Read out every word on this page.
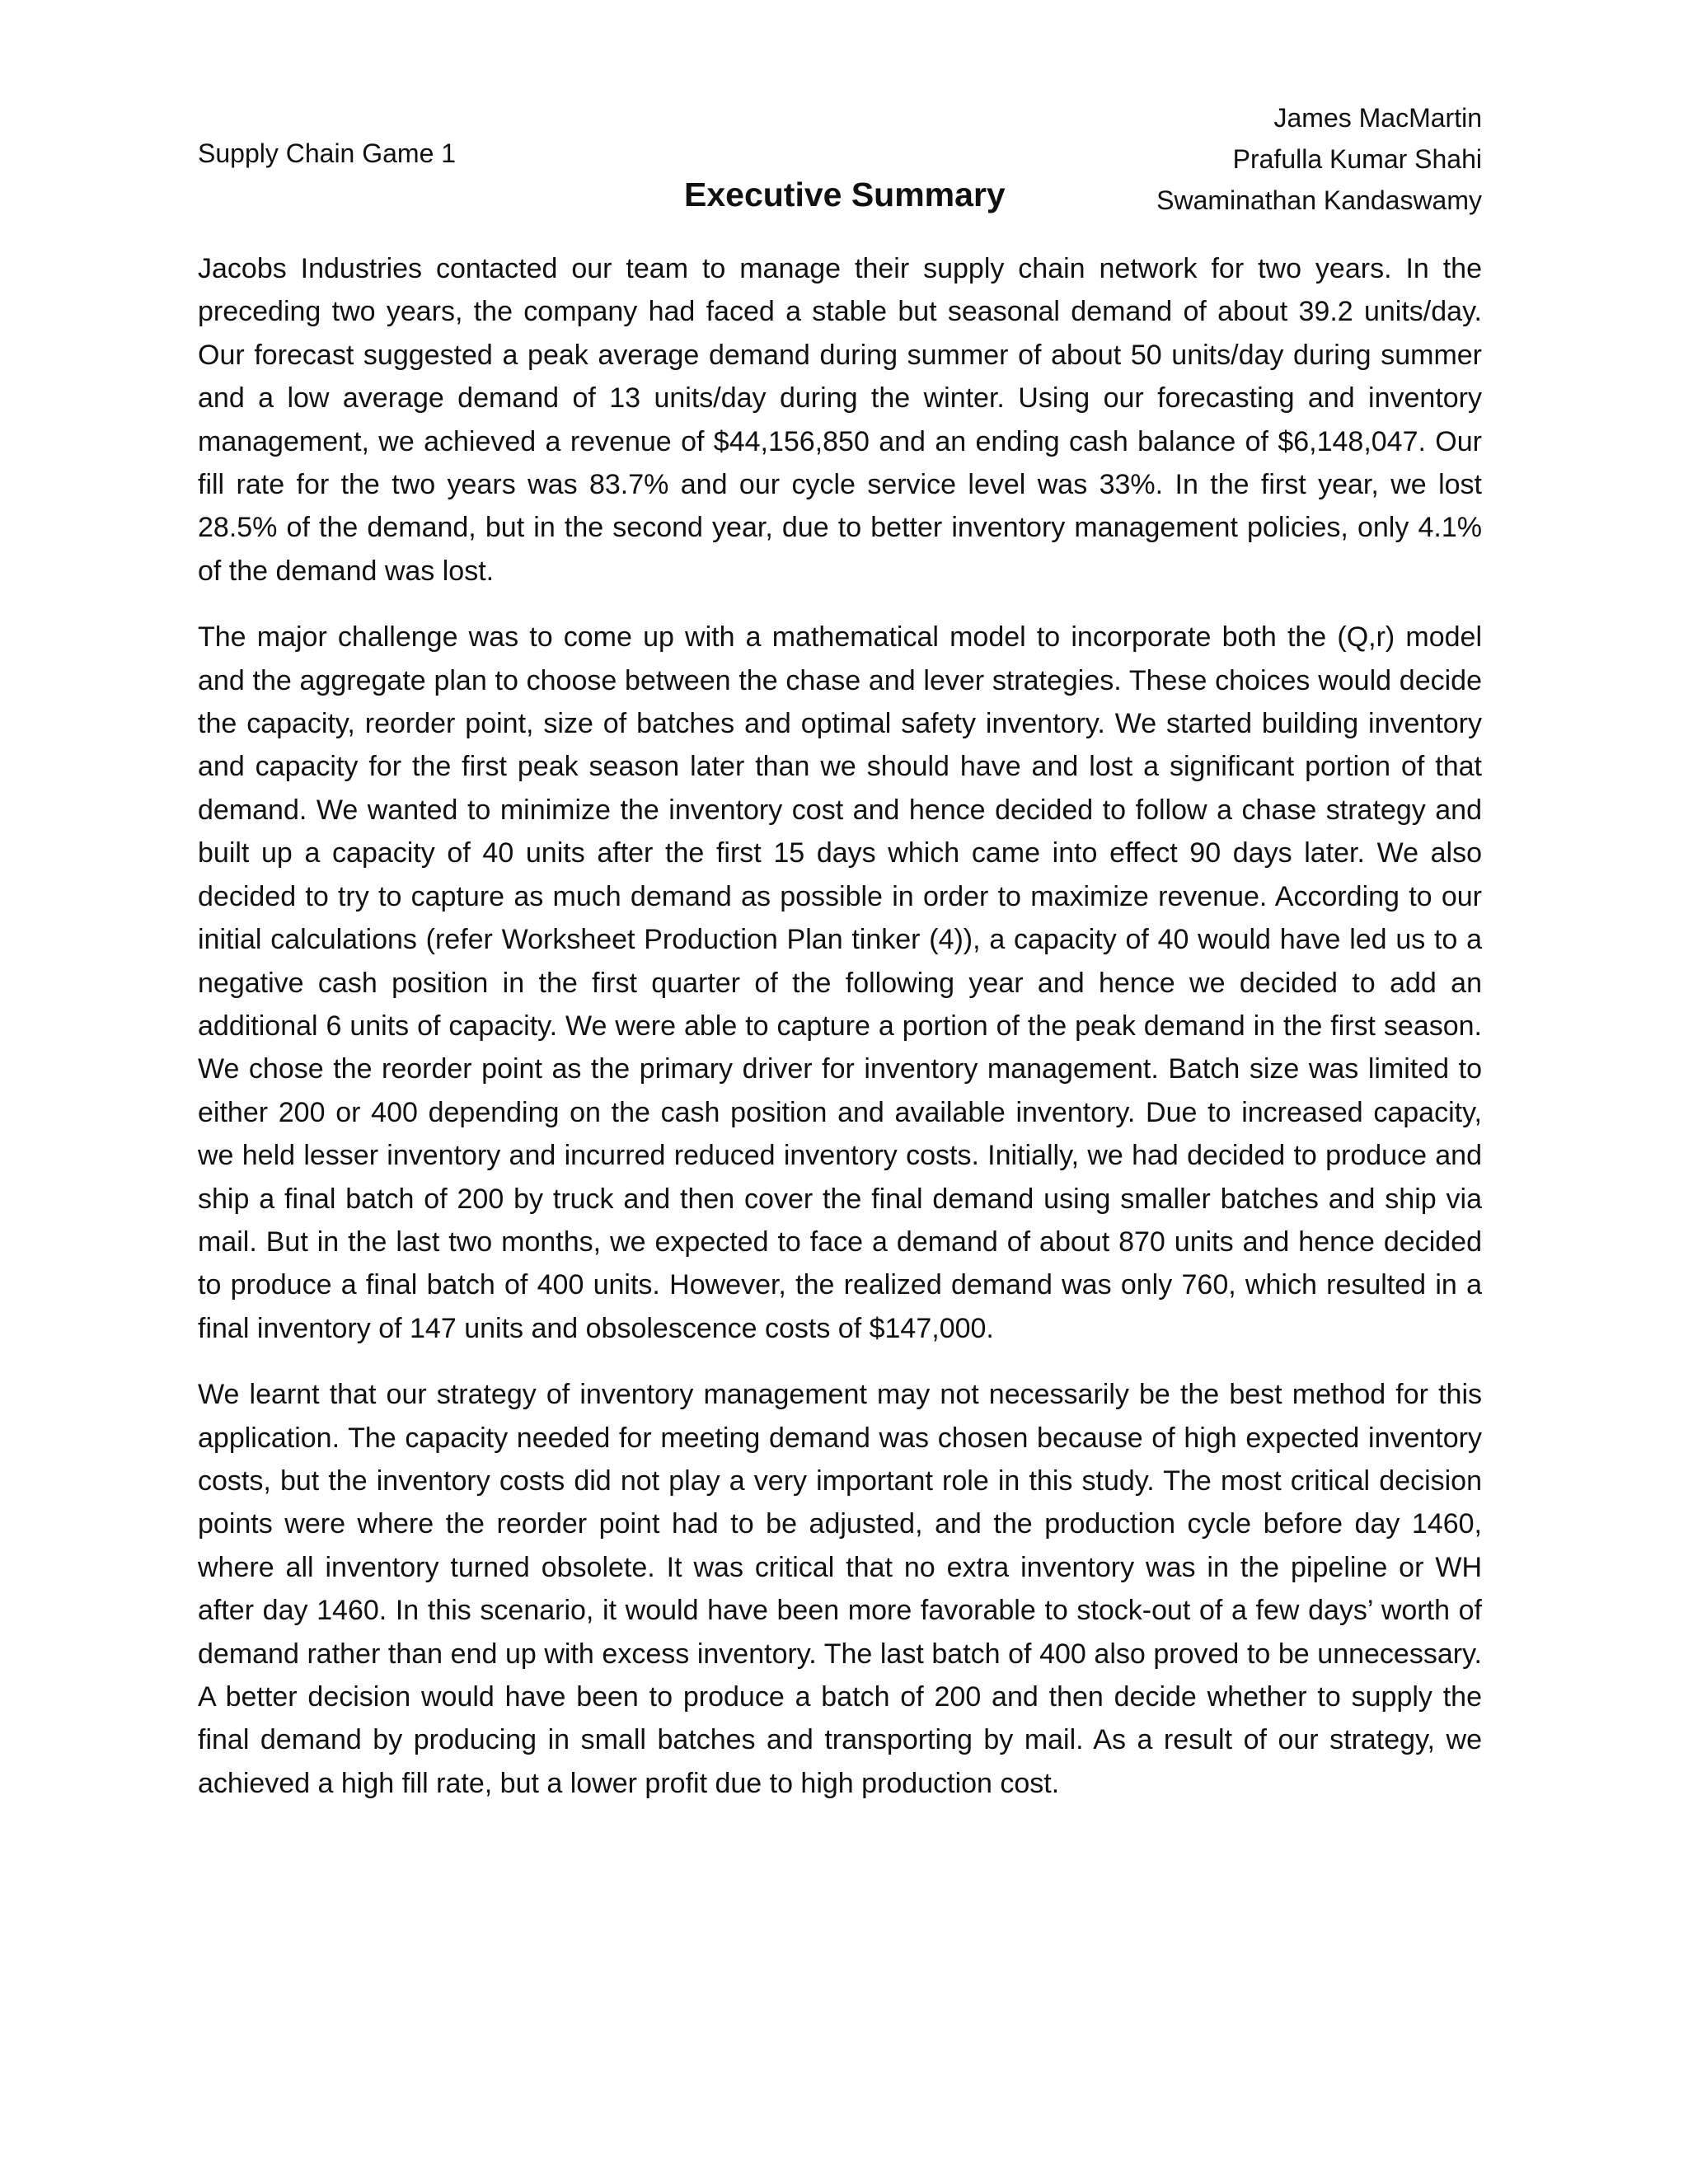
Supply Chain Game 1
James MacMartin
Prafulla Kumar Shahi
Swaminathan Kandaswamy
Executive Summary

Jacobs Industries contacted our team to manage their supply chain network for two years. In the preceding two years, the company had faced a stable but seasonal demand of about 39.2 units/day. Our forecast suggested a peak average demand during summer of about 50 units/day during summer and a low average demand of 13 units/day during the winter. Using our forecasting and inventory management, we achieved a revenue of $44,156,850 and an ending cash balance of $6,148,047. Our fill rate for the two years was 83.7% and our cycle service level was 33%. In the first year, we lost 28.5% of the demand, but in the second year, due to better inventory management policies, only 4.1% of the demand was lost.

The major challenge was to come up with a mathematical model to incorporate both the (Q,r) model and the aggregate plan to choose between the chase and lever strategies. These choices would decide the capacity, reorder point, size of batches and optimal safety inventory. We started building inventory and capacity for the first peak season later than we should have and lost a significant portion of that demand. We wanted to minimize the inventory cost and hence decided to follow a chase strategy and built up a capacity of 40 units after the first 15 days which came into effect 90 days later. We also decided to try to capture as much demand as possible in order to maximize revenue. According to our initial calculations (refer Worksheet Production Plan tinker (4)), a capacity of 40 would have led us to a negative cash position in the first quarter of the following year and hence we decided to add an additional 6 units of capacity. We were able to capture a portion of the peak demand in the first season. We chose the reorder point as the primary driver for inventory management. Batch size was limited to either 200 or 400 depending on the cash position and available inventory. Due to increased capacity, we held lesser inventory and incurred reduced inventory costs. Initially, we had decided to produce and ship a final batch of 200 by truck and then cover the final demand using smaller batches and ship via mail. But in the last two months, we expected to face a demand of about 870 units and hence decided to produce a final batch of 400 units. However, the realized demand was only 760, which resulted in a final inventory of 147 units and obsolescence costs of $147,000.

We learnt that our strategy of inventory management may not necessarily be the best method for this application. The capacity needed for meeting demand was chosen because of high expected inventory costs, but the inventory costs did not play a very important role in this study. The most critical decision points were where the reorder point had to be adjusted, and the production cycle before day 1460, where all inventory turned obsolete. It was critical that no extra inventory was in the pipeline or WH after day 1460. In this scenario, it would have been more favorable to stock-out of a few days’ worth of demand rather than end up with excess inventory. The last batch of 400 also proved to be unnecessary. A better decision would have been to produce a batch of 200 and then decide whether to supply the final demand by producing in small batches and transporting by mail. As a result of our strategy, we achieved a high fill rate, but a lower profit due to high production cost.
